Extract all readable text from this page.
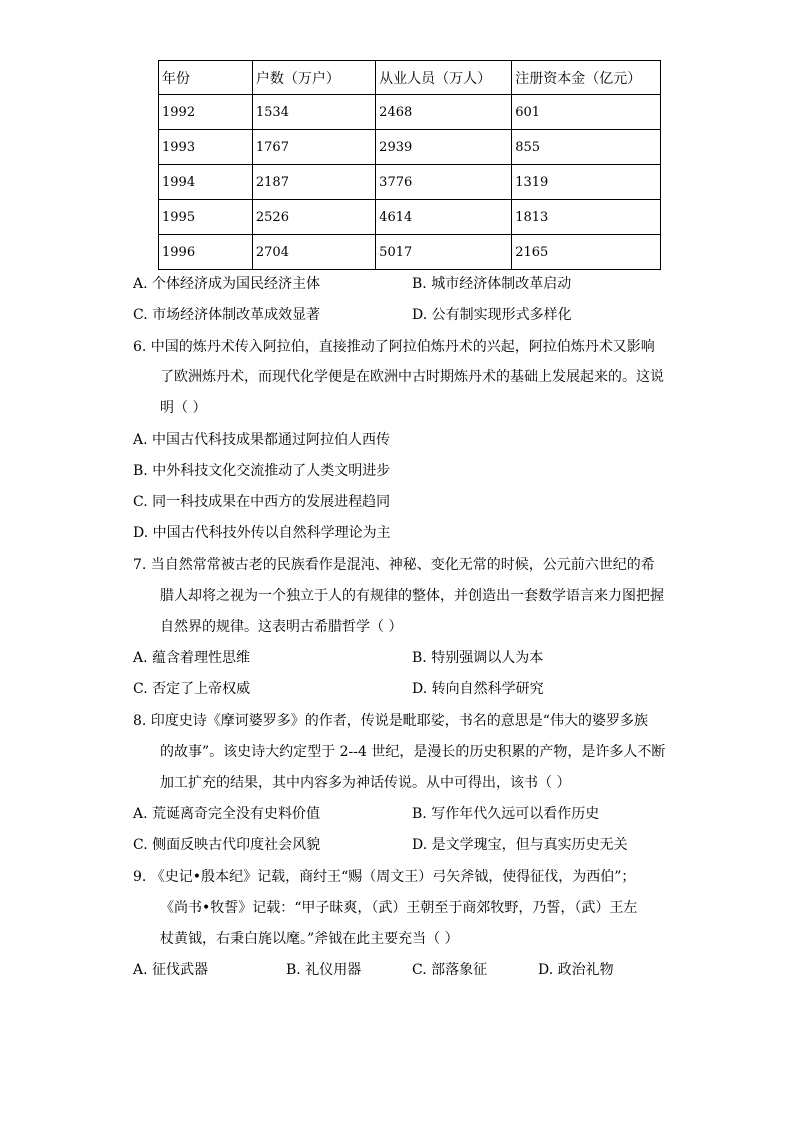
年份	户数（万户）	从业人员（万人）	注册资本金（亿元）
1992	1534	2468	601
1993	1767	2939	855
1994	2187	3776	1319
1995	2526	4614	1813
1996	2704	5017	2165
A. 个体经济成为国民经济主体	B. 城市经济体制改革启动
C. 市场经济体制改革成效显著	D. 公有制实现形式多样化
6. 中国的炼丹术传入阿拉伯，直接推动了阿拉伯炼丹术的兴起，阿拉伯炼丹术又影响
了欧洲炼丹术，而现代化学便是在欧洲中古时期炼丹术的基础上发展起来的。这说
明（ ）
A. 中国古代科技成果都通过阿拉伯人西传
B. 中外科技文化交流推动了人类文明进步
C. 同一科技成果在中西方的发展进程趋同
D. 中国古代科技外传以自然科学理论为主
7. 当自然常常被古老的民族看作是混沌、神秘、变化无常的时候，公元前六世纪的希
腊人却将之视为一个独立于人的有规律的整体，并创造出一套数学语言来力图把握
自然界的规律。这表明古希腊哲学（ ）
A. 蕴含着理性思维	B. 特别强调以人为本
C. 否定了上帝权威	D. 转向自然科学研究
8. 印度史诗《摩诃婆罗多》的作者，传说是毗耶娑，书名的意思是“伟大的婆罗多族
的故事”。该史诗大约定型于 2--4 世纪，是漫长的历史积累的产物，是许多人不断
加工扩充的结果，其中内容多为神话传说。从中可得出，该书（ ）
A. 荒诞离奇完全没有史料价值	B. 写作年代久远可以看作历史
C. 侧面反映古代印度社会风貌	D. 是文学瑰宝，但与真实历史无关
9. 《史记•殷本纪》记载，商纣王“赐（周文王）弓矢斧钺，使得征伐，为西伯”；
《尚书•牧誓》记载：“甲子昧爽，（武）王朝至于商郊牧野，乃誓，（武）王左
杖黄钺，右秉白旄以麾。”斧钺在此主要充当（ ）
A. 征伐武器	B. 礼仪用器	C. 部落象征	D. 政治礼物
